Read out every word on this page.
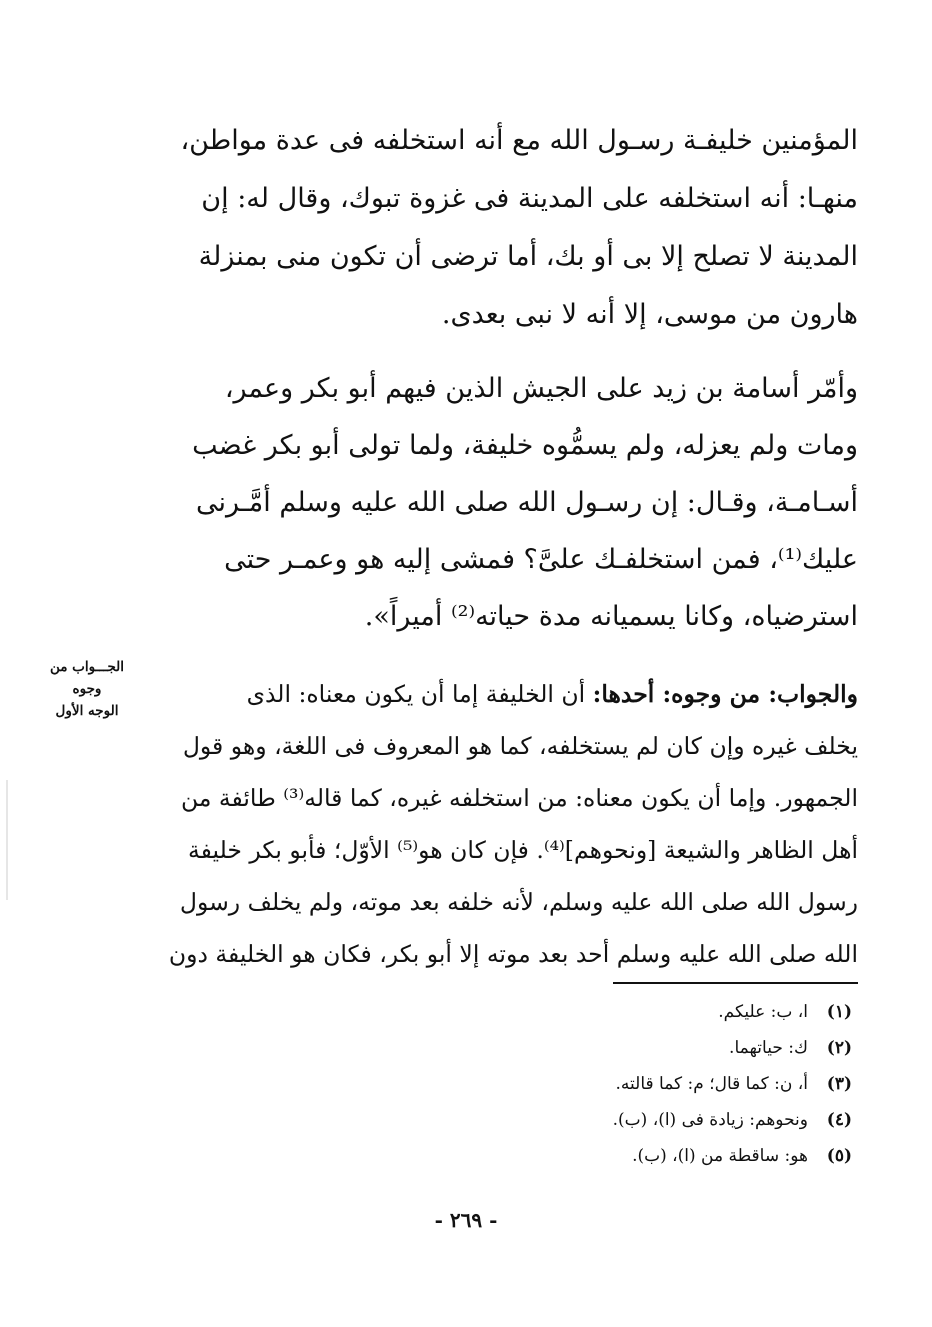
المؤمنين خليفـة رسـول الله مع أنه استخلفه فى عدة مواطن،
منهـا: أنه استخلفه على المدينة فى غزوة تبوك، وقال له: إن
المدينة لا تصلح إلا بى أو بك، أما ترضى أن تكون منى بمنزلة
هارون من موسى، إلا أنه لا نبى بعدى.
وأمّر أسامة بن زيد على الجيش الذين فيهم أبو بكر وعمر،
ومات ولم يعزله، ولم يسمُّوه خليفة، ولما تولى أبو بكر غضب
أسـامـة، وقـال: إن رسـول الله صلى الله عليه وسلم أمَّـرنى
عليك⁽¹⁾، فمن استخلفـك علىَّ؟ فمشى إليه هو وعمـر حتى
استرضياه، وكانا يسميانه مدة حياته⁽²⁾ أميراً».
الجـــواب من
وجوه
الوجه الأول
والجواب: من وجوه: أحدها: أن الخليفة إما أن يكون معناه: الذى
يخلف غيره وإن كان لم يستخلفه، كما هو المعروف فى اللغة، وهو قول
الجمهور. وإما أن يكون معناه: من استخلفه غيره، كما قاله⁽³⁾ طائفة من
أهل الظاهر والشيعة [ونحوهم]⁽⁴⁾. فإن كان هو⁽⁵⁾ الأوّل؛ فأبو بكر خليفة
رسول الله صلى الله عليه وسلم، لأنه خلفه بعد موته، ولم يخلف رسول
الله صلى الله عليه وسلم أحد بعد موته إلا أبو بكر، فكان هو الخليفة دون
(١)ا، ب: عليكم.
(٢)ك: حياتهما.
(٣)أ، ن: كما قال؛ م: كما قالته.
(٤)ونحوهم: زيادة فى (ا)، (ب).
(٥)هو: ساقطة من (ا)، (ب).
- ٢٦٩ -
